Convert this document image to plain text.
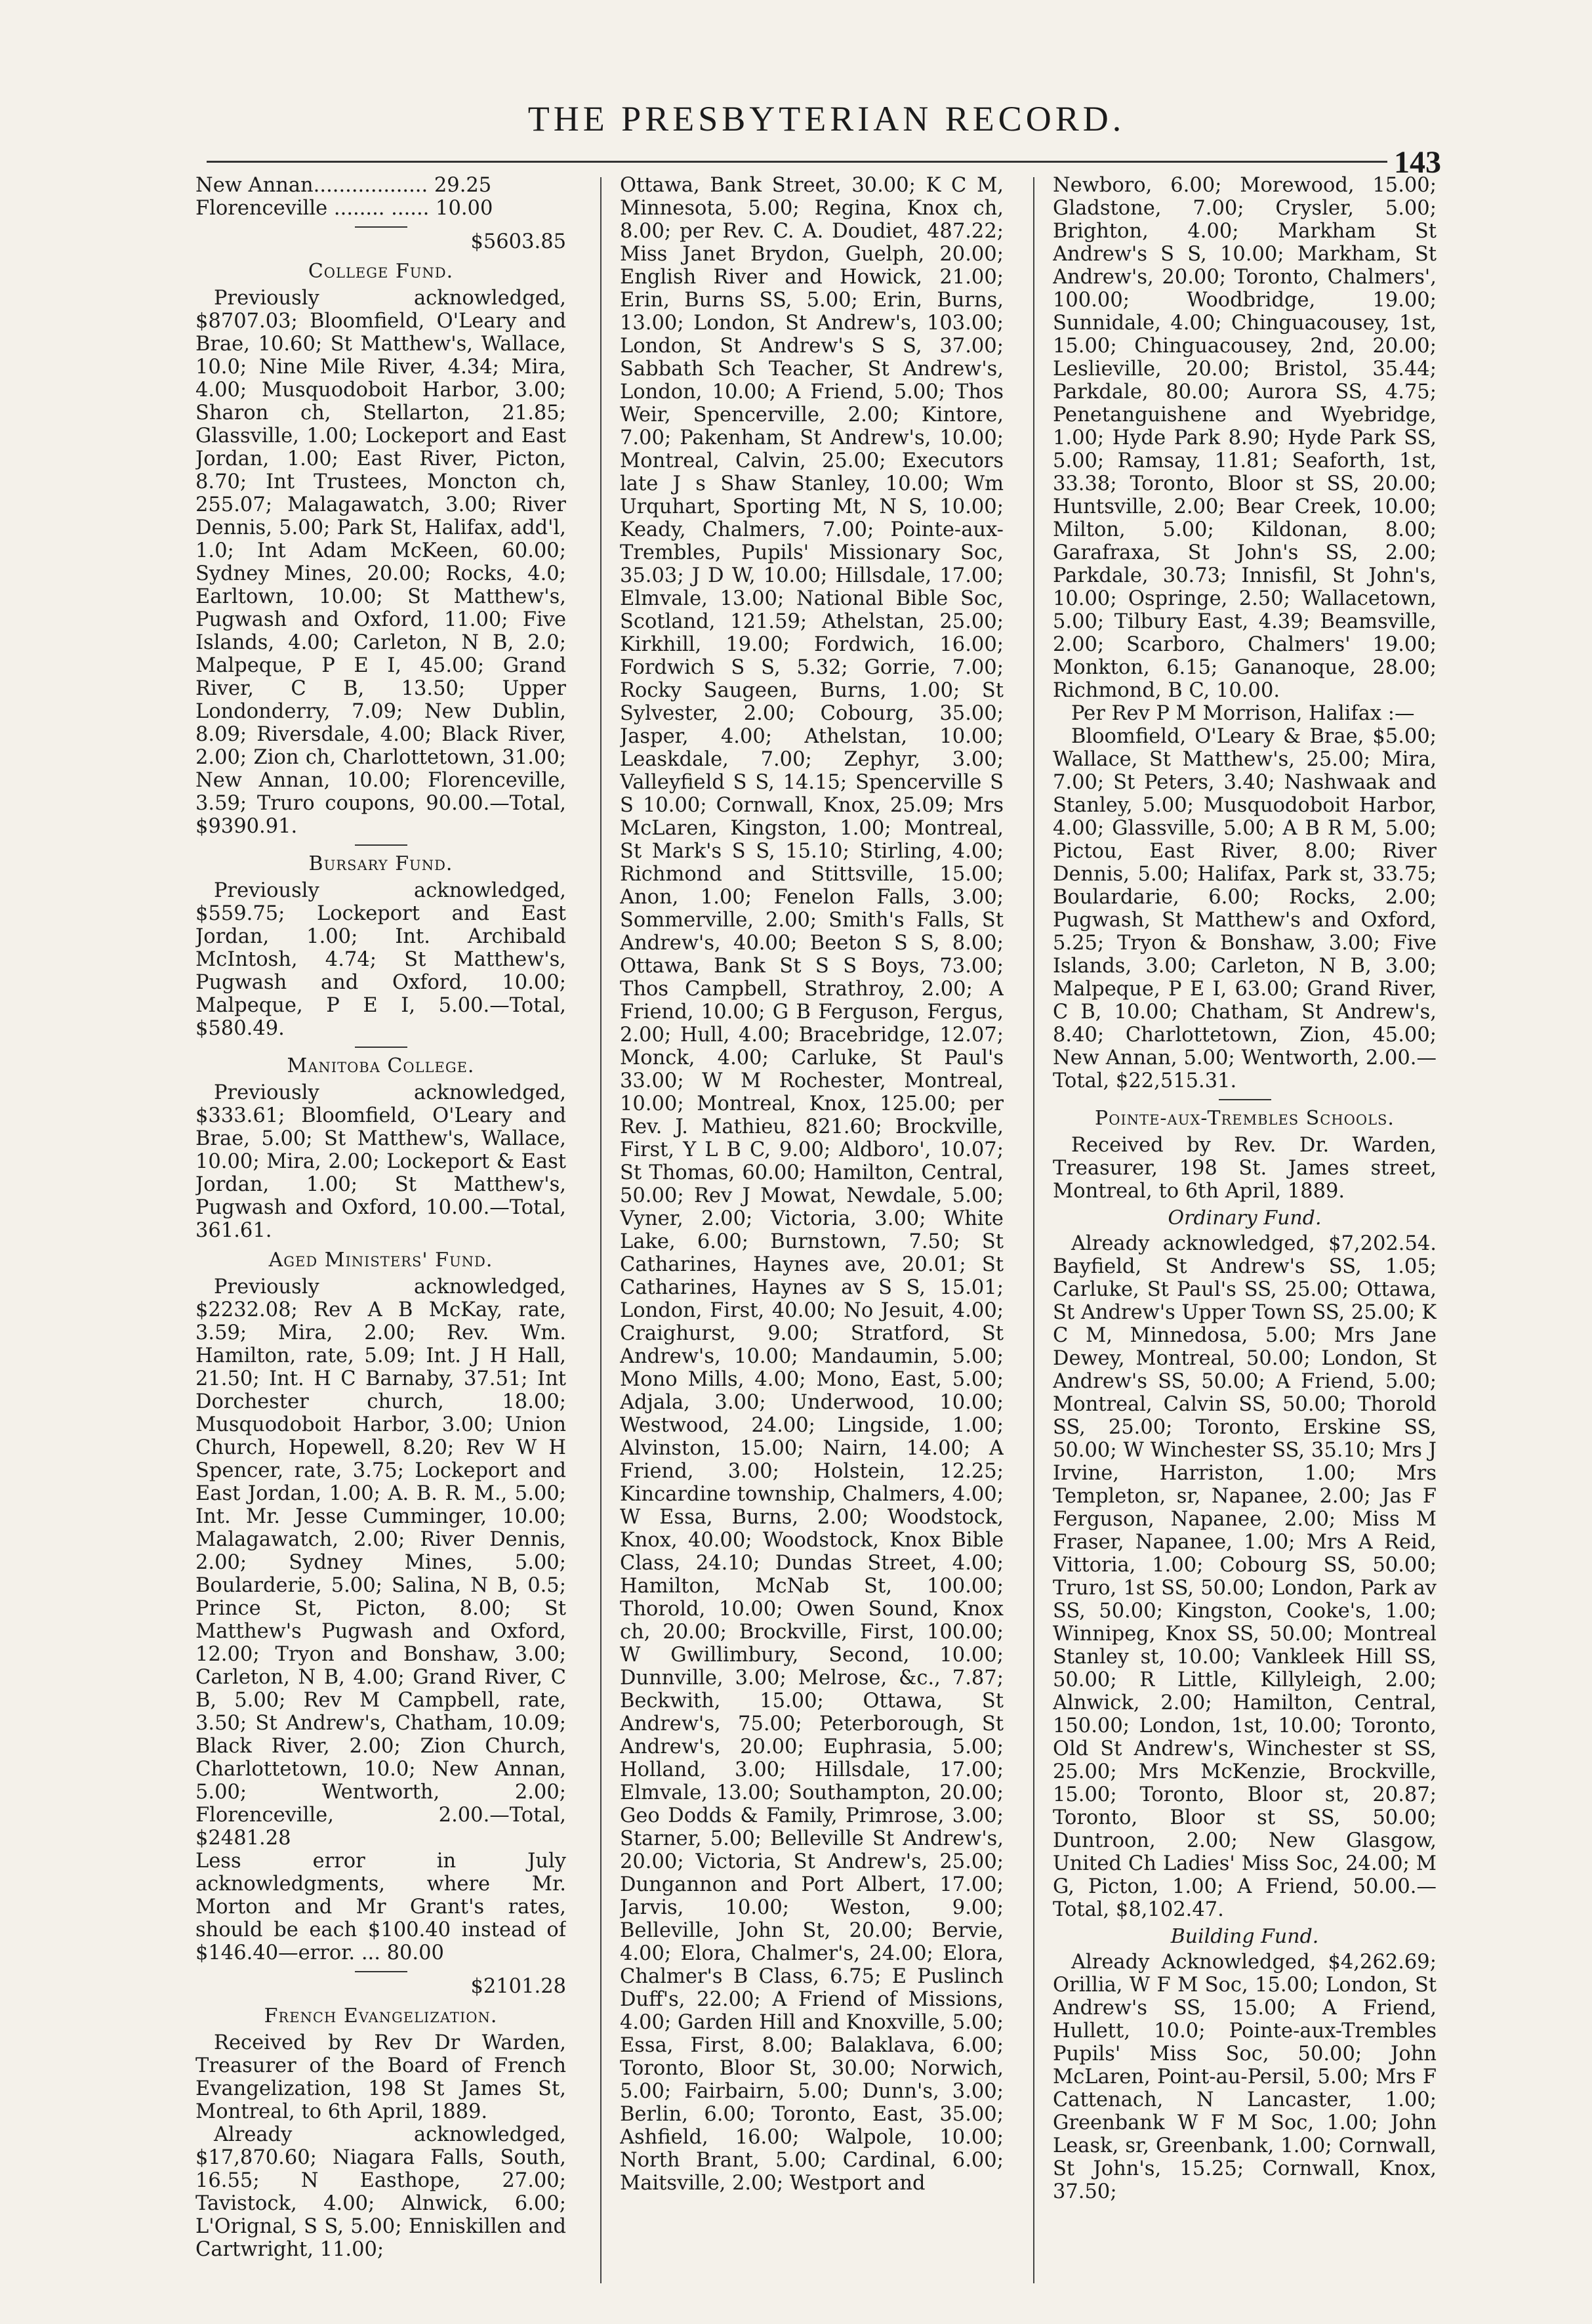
THE PRESBYTERIAN RECORD.
143

New Annan.................. 29.25

Florenceville ........ ...... 10.00

$5603.85

College Fund.

Previously acknowledged, $8707.03; Bloomfield, O'Leary and Brae, 10.60; St Matthew's, Wallace, 10.0; Nine Mile River, 4.34; Mira, 4.00; Musquodoboit Harbor, 3.00; Sharon ch, Stellarton, 21.85; Glassville, 1.00; Lockeport and East Jordan, 1.00; East River, Picton, 8.70; Int Trustees, Moncton ch, 255.07; Malagawatch, 3.00; River Dennis, 5.00; Park St, Halifax, add'l, 1.0; Int Adam McKeen, 60.00; Sydney Mines, 20.00; Rocks, 4.0; Earltown, 10.00; St Matthew's, Pugwash and Oxford, 11.00; Five Islands, 4.00; Carleton, N B, 2.0; Malpeque, P E I, 45.00; Grand River, C B, 13.50; Upper Londonderry, 7.09; New Dublin, 8.09; Riversdale, 4.00; Black River, 2.00; Zion ch, Charlottetown, 31.00; New Annan, 10.00; Florenceville, 3.59; Truro coupons, 90.00.—Total, $9390.91.

Bursary Fund.

Previously acknowledged, $559.75; Lockeport and East Jordan, 1.00; Int. Archibald McIntosh, 4.74; St Matthew's, Pugwash and Oxford, 10.00; Malpeque, P E I, 5.00.—Total, $580.49.

Manitoba College.

Previously acknowledged, $333.61; Bloomfield, O'Leary and Brae, 5.00; St Matthew's, Wallace, 10.00; Mira, 2.00; Lockeport & East Jordan, 1.00; St Matthew's, Pugwash and Oxford, 10.00.—Total, 361.61.

Aged Ministers' Fund.

Previously acknowledged, $2232.08; Rev A B McKay, rate, 3.59; Mira, 2.00; Rev. Wm. Hamilton, rate, 5.09; Int. J H Hall, 21.50; Int. H C Barnaby, 37.51; Int Dorchester church, 18.00; Musquodoboit Harbor, 3.00; Union Church, Hopewell, 8.20; Rev W H Spencer, rate, 3.75; Lockeport and East Jordan, 1.00; A. B. R. M., 5.00; Int. Mr. Jesse Cumminger, 10.00; Malagawatch, 2.00; River Dennis, 2.00; Sydney Mines, 5.00; Boularderie, 5.00; Salina, N B, 0.5; Prince St, Picton, 8.00; St Matthew's Pugwash and Oxford, 12.00; Tryon and Bonshaw, 3.00; Carleton, N B, 4.00; Grand River, C B, 5.00; Rev M Campbell, rate, 3.50; St Andrew's, Chatham, 10.09; Black River, 2.00; Zion Church, Charlottetown, 10.0; New Annan, 5.00; Wentworth, 2.00; Florenceville, 2.00.—Total, $2481.28

Less error in July acknowledgments, where Mr. Morton and Mr Grant's rates, should be each $100.40 instead of $146.40—error. ... 80.00

$2101.28

French Evangelization.

Received by Rev Dr Warden, Treasurer of the Board of French Evangelization, 198 St James St, Montreal, to 6th April, 1889.

Already acknowledged, $17,870.60; Niagara Falls, South, 16.55; N Easthope, 27.00; Tavistock, 4.00; Alnwick, 6.00; L'Orignal, S S, 5.00; Enniskillen and Cartwright, 11.00;

Ottawa, Bank Street, 30.00; K C M, Minnesota, 5.00; Regina, Knox ch, 8.00; per Rev. C. A. Doudiet, 487.22; Miss Janet Brydon, Guelph, 20.00; English River and Howick, 21.00; Erin, Burns SS, 5.00; Erin, Burns, 13.00; London, St Andrew's, 103.00; London, St Andrew's S S, 37.00; Sabbath Sch Teacher, St Andrew's, London, 10.00; A Friend, 5.00; Thos Weir, Spencerville, 2.00; Kintore, 7.00; Pakenham, St Andrew's, 10.00; Montreal, Calvin, 25.00; Executors late J s Shaw Stanley, 10.00; Wm Urquhart, Sporting Mt, N S, 10.00; Keady, Chalmers, 7.00; Pointe-aux-Trembles, Pupils' Missionary Soc, 35.03; J D W, 10.00; Hillsdale, 17.00; Elmvale, 13.00; National Bible Soc, Scotland, 121.59; Athelstan, 25.00; Kirkhill, 19.00; Fordwich, 16.00; Fordwich S S, 5.32; Gorrie, 7.00; Rocky Saugeen, Burns, 1.00; St Sylvester, 2.00; Cobourg, 35.00; Jasper, 4.00; Athelstan, 10.00; Leaskdale, 7.00; Zephyr, 3.00; Valleyfield S S, 14.15; Spencerville S S 10.00; Cornwall, Knox, 25.09; Mrs McLaren, Kingston, 1.00; Montreal, St Mark's S S, 15.10; Stirling, 4.00; Richmond and Stittsville, 15.00; Anon, 1.00; Fenelon Falls, 3.00; Sommerville, 2.00; Smith's Falls, St Andrew's, 40.00; Beeton S S, 8.00; Ottawa, Bank St S S Boys, 73.00; Thos Campbell, Strathroy, 2.00; A Friend, 10.00; G B Ferguson, Fergus, 2.00; Hull, 4.00; Bracebridge, 12.07; Monck, 4.00; Carluke, St Paul's 33.00; W M Rochester, Montreal, 10.00; Montreal, Knox, 125.00; per Rev. J. Mathieu, 821.60; Brockville, First, Y L B C, 9.00; Aldboro', 10.07; St Thomas, 60.00; Hamilton, Central, 50.00; Rev J Mowat, Newdale, 5.00; Vyner, 2.00; Victoria, 3.00; White Lake, 6.00; Burnstown, 7.50; St Catharines, Haynes ave, 20.01; St Catharines, Haynes av S S, 15.01; London, First, 40.00; No Jesuit, 4.00; Craighurst, 9.00; Stratford, St Andrew's, 10.00; Mandaumin, 5.00; Mono Mills, 4.00; Mono, East, 5.00; Adjala, 3.00; Underwood, 10.00; Westwood, 24.00; Lingside, 1.00; Alvinston, 15.00; Nairn, 14.00; A Friend, 3.00; Holstein, 12.25; Kincardine township, Chalmers, 4.00; W Essa, Burns, 2.00; Woodstock, Knox, 40.00; Woodstock, Knox Bible Class, 24.10; Dundas Street, 4.00; Hamilton, McNab St, 100.00; Thorold, 10.00; Owen Sound, Knox ch, 20.00; Brockville, First, 100.00; W Gwillimbury, Second, 10.00; Dunnville, 3.00; Melrose, &c., 7.87; Beckwith, 15.00; Ottawa, St Andrew's, 75.00; Peterborough, St Andrew's, 20.00; Euphrasia, 5.00; Holland, 3.00; Hillsdale, 17.00; Elmvale, 13.00; Southampton, 20.00; Geo Dodds & Family, Primrose, 3.00; Starner, 5.00; Belleville St Andrew's, 20.00; Victoria, St Andrew's, 25.00; Dungannon and Port Albert, 17.00; Jarvis, 10.00; Weston, 9.00; Belleville, John St, 20.00; Bervie, 4.00; Elora, Chalmer's, 24.00; Elora, Chalmer's B Class, 6.75; E Puslinch Duff's, 22.00; A Friend of Missions, 4.00; Garden Hill and Knoxville, 5.00; Essa, First, 8.00; Balaklava, 6.00; Toronto, Bloor St, 30.00; Norwich, 5.00; Fairbairn, 5.00; Dunn's, 3.00; Berlin, 6.00; Toronto, East, 35.00; Ashfield, 16.00; Walpole, 10.00; North Brant, 5.00; Cardinal, 6.00; Maitsville, 2.00; Westport and

Newboro, 6.00; Morewood, 15.00; Gladstone, 7.00; Crysler, 5.00; Brighton, 4.00; Markham St Andrew's S S, 10.00; Markham, St Andrew's, 20.00; Toronto, Chalmers', 100.00; Woodbridge, 19.00; Sunnidale, 4.00; Chinguacousey, 1st, 15.00; Chinguacousey, 2nd, 20.00; Leslieville, 20.00; Bristol, 35.44; Parkdale, 80.00; Aurora SS, 4.75; Penetanguishene and Wyebridge, 1.00; Hyde Park 8.90; Hyde Park SS, 5.00; Ramsay, 11.81; Seaforth, 1st, 33.38; Toronto, Bloor st SS, 20.00; Huntsville, 2.00; Bear Creek, 10.00; Milton, 5.00; Kildonan, 8.00; Garafraxa, St John's SS, 2.00; Parkdale, 30.73; Innisfil, St John's, 10.00; Ospringe, 2.50; Wallacetown, 5.00; Tilbury East, 4.39; Beamsville, 2.00; Scarboro, Chalmers' 19.00; Monkton, 6.15; Gananoque, 28.00; Richmond, B C, 10.00.

Per Rev P M Morrison, Halifax :—

Bloomfield, O'Leary & Brae, $5.00; Wallace, St Matthew's, 25.00; Mira, 7.00; St Peters, 3.40; Nashwaak and Stanley, 5.00; Musquodoboit Harbor, 4.00; Glassville, 5.00; A B R M, 5.00; Pictou, East River, 8.00; River Dennis, 5.00; Halifax, Park st, 33.75; Boulardarie, 6.00; Rocks, 2.00; Pugwash, St Matthew's and Oxford, 5.25; Tryon & Bonshaw, 3.00; Five Islands, 3.00; Carleton, N B, 3.00; Malpeque, P E I, 63.00; Grand River, C B, 10.00; Chatham, St Andrew's, 8.40; Charlottetown, Zion, 45.00; New Annan, 5.00; Wentworth, 2.00.—Total, $22,515.31.

Pointe-aux-Trembles Schools.

Received by Rev. Dr. Warden, Treasurer, 198 St. James street, Montreal, to 6th April, 1889.

Ordinary Fund.

Already acknowledged, $7,202.54. Bayfield, St Andrew's SS, 1.05; Carluke, St Paul's SS, 25.00; Ottawa, St Andrew's Upper Town SS, 25.00; K C M, Minnedosa, 5.00; Mrs Jane Dewey, Montreal, 50.00; London, St Andrew's SS, 50.00; A Friend, 5.00; Montreal, Calvin SS, 50.00; Thorold SS, 25.00; Toronto, Erskine SS, 50.00; W Winchester SS, 35.10; Mrs J Irvine, Harriston, 1.00; Mrs Templeton, sr, Napanee, 2.00; Jas F Ferguson, Napanee, 2.00; Miss M Fraser, Napanee, 1.00; Mrs A Reid, Vittoria, 1.00; Cobourg SS, 50.00; Truro, 1st SS, 50.00; London, Park av SS, 50.00; Kingston, Cooke's, 1.00; Winnipeg, Knox SS, 50.00; Montreal Stanley st, 10.00; Vankleek Hill SS, 50.00; R Little, Killyleigh, 2.00; Alnwick, 2.00; Hamilton, Central, 150.00; London, 1st, 10.00; Toronto, Old St Andrew's, Winchester st SS, 25.00; Mrs McKenzie, Brockville, 15.00; Toronto, Bloor st, 20.87; Toronto, Bloor st SS, 50.00; Duntroon, 2.00; New Glasgow, United Ch Ladies' Miss Soc, 24.00; M G, Picton, 1.00; A Friend, 50.00.—Total, $8,102.47.

Building Fund.

Already Acknowledged, $4,262.69; Orillia, W F M Soc, 15.00; London, St Andrew's SS, 15.00; A Friend, Hullett, 10.0; Pointe-aux-Trembles Pupils' Miss Soc, 50.00; John McLaren, Point-au-Persil, 5.00; Mrs F Cattenach, N Lancaster, 1.00; Greenbank W F M Soc, 1.00; John Leask, sr, Greenbank, 1.00; Cornwall, St John's, 15.25; Cornwall, Knox, 37.50;
